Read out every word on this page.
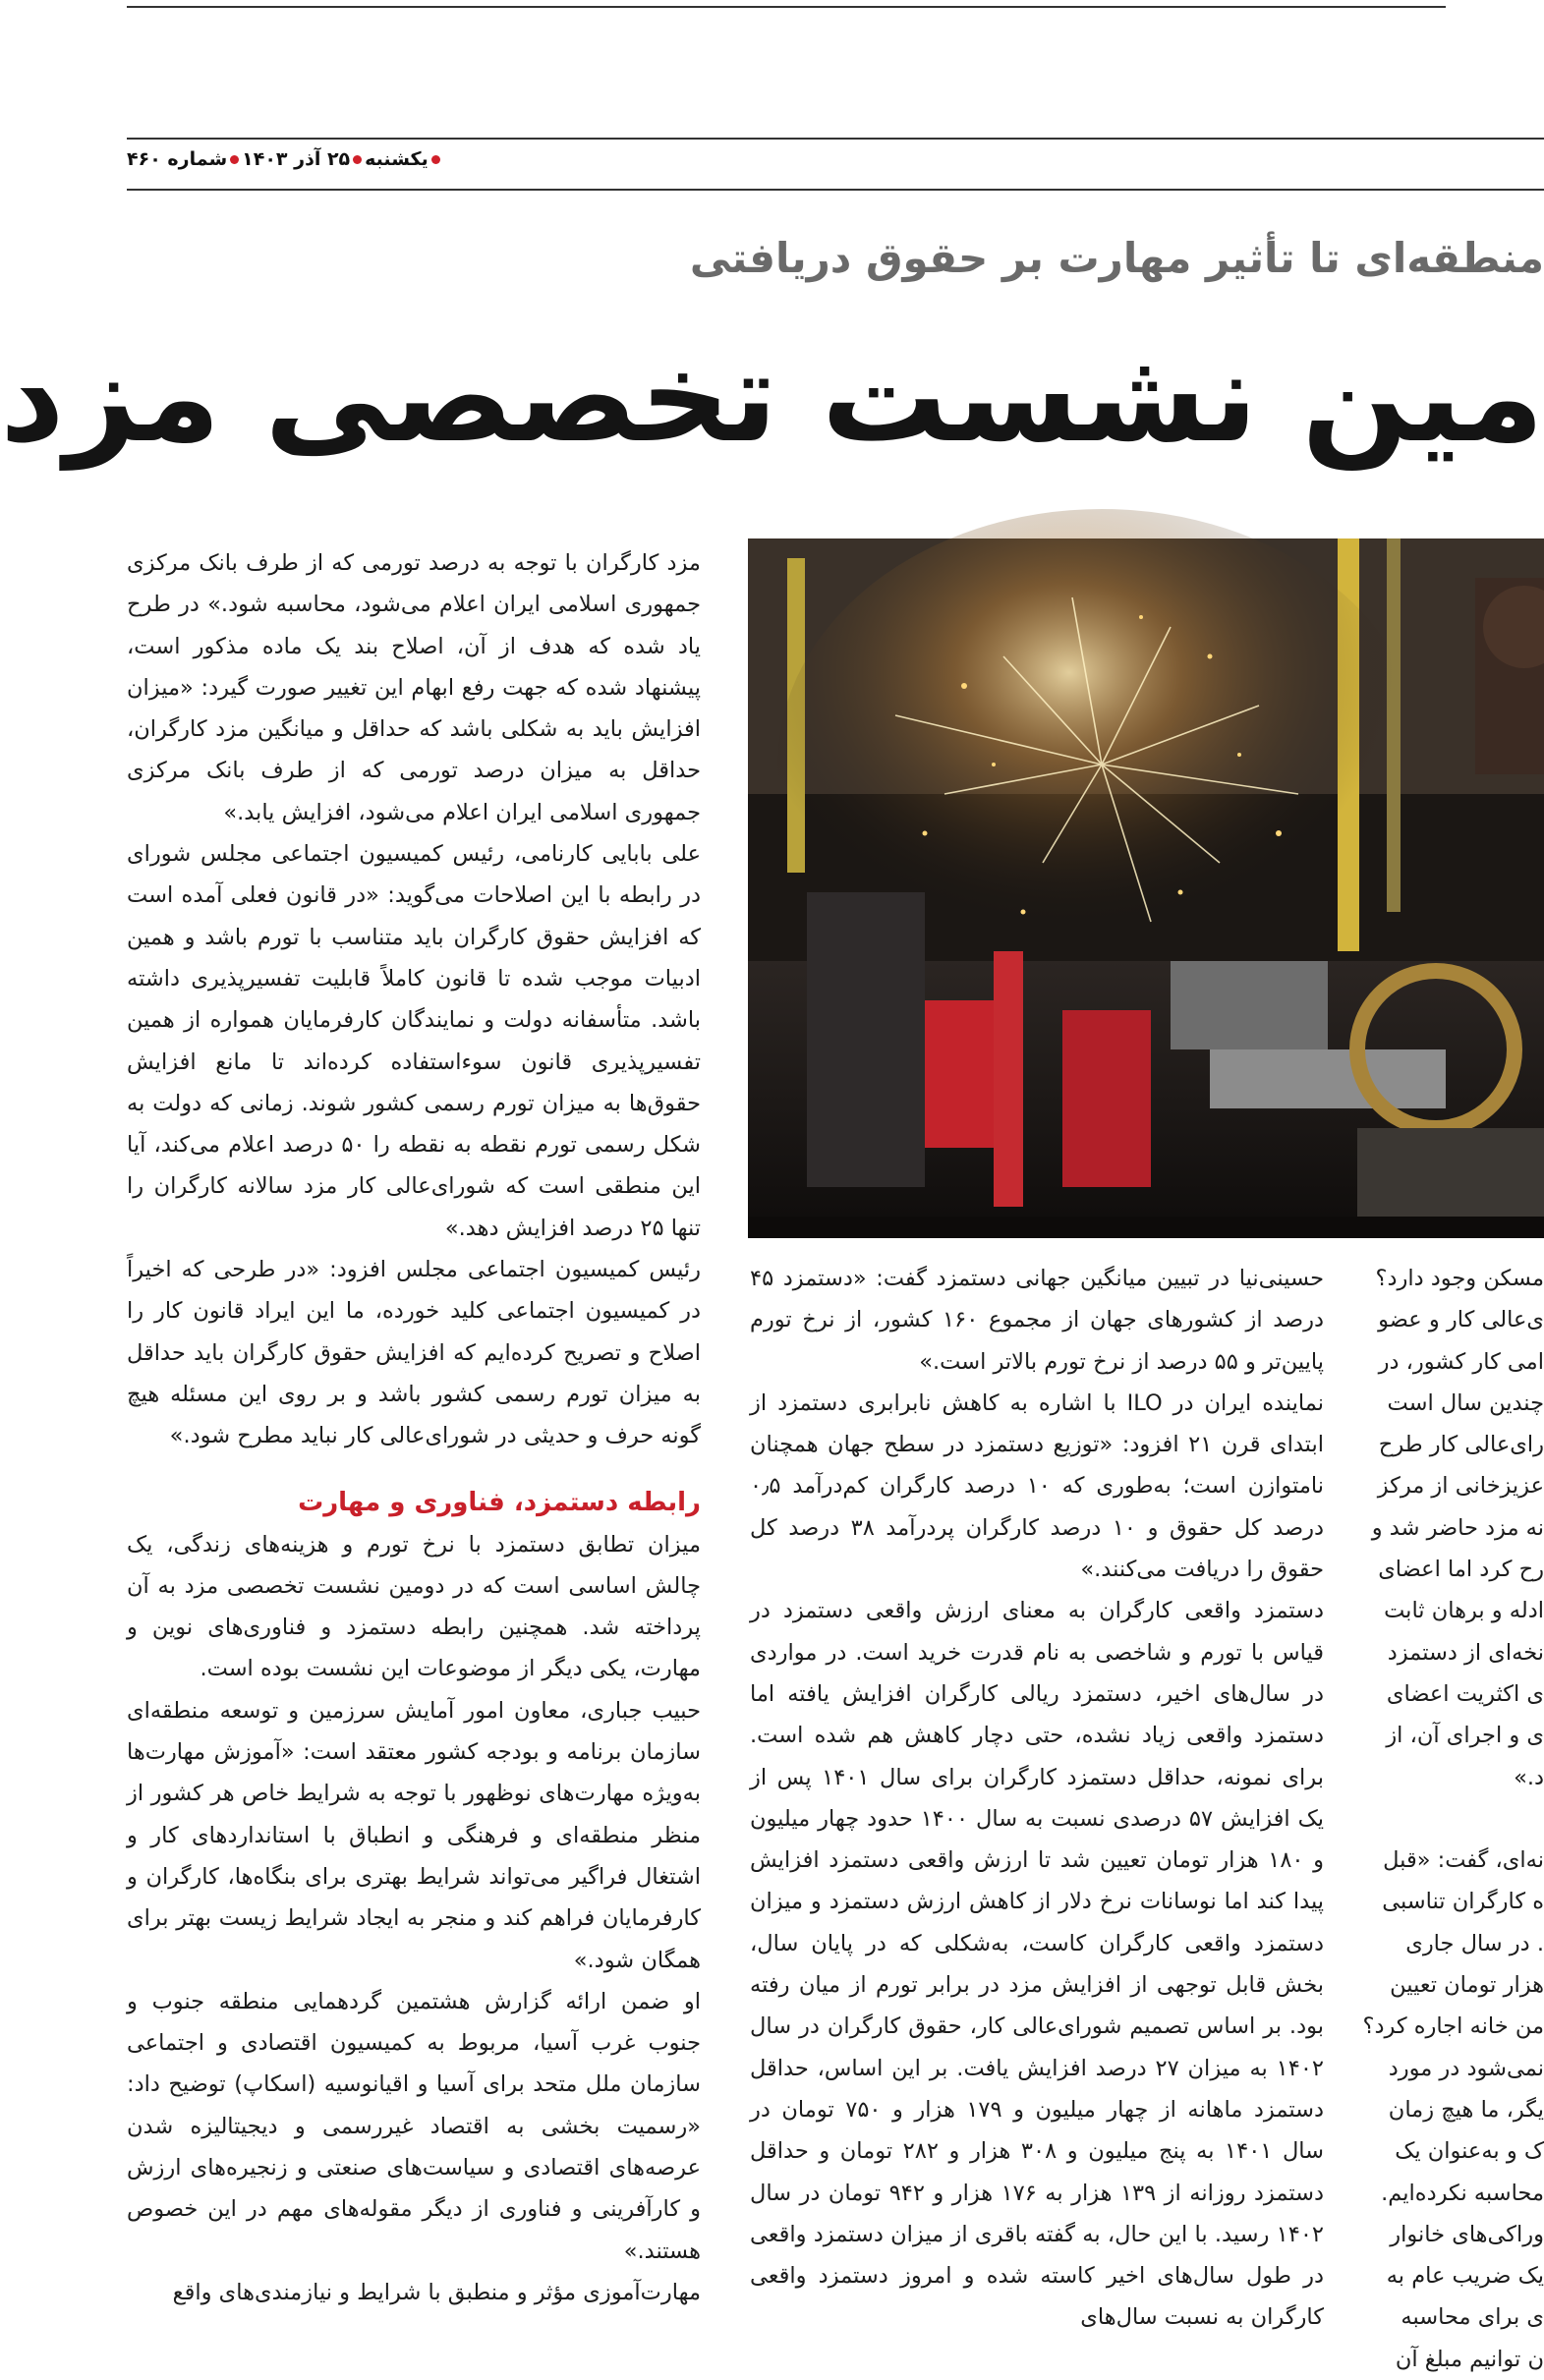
یکشنبه۲۵ آذر ۱۴۰۳شماره ۴۶۰
منطقه‌ای تا تأثیر مهارت بر حقوق دریافتی
مین نشست تخصصی مزد

مزد کارگران با توجه به درصد تورمی که از طرف بانک مرکزی جمهوری اسلامی ایران اعلام می‌شود، محاسبه شود.» در طرح یاد شده که هدف از آن، اصلاح بند یک ماده مذکور است، پیشنهاد شده که جهت رفع ابهام این تغییر صورت گیرد: «میزان افزایش باید به شکلی باشد که حداقل و میانگین مزد کارگران، حداقل به میزان درصد تورمی که از طرف بانک مرکزی جمهوری اسلامی ایران اعلام می‌شود، افزایش یابد.»

علی بابایی کارنامی، رئیس کمیسیون اجتماعی مجلس شورای در رابطه با این اصلاحات می‌گوید: «در قانون فعلی آمده است که افزایش حقوق کارگران باید متناسب با تورم باشد و همین ادبیات موجب شده تا قانون کاملاً قابلیت تفسیرپذیری داشته باشد. متأسفانه دولت و نمایندگان کارفرمایان همواره از همین تفسیرپذیری قانون سوءاستفاده کرده‌اند تا مانع افزایش حقوق‌ها به میزان تورم رسمی کشور شوند. زمانی که دولت به شکل رسمی تورم نقطه به نقطه را ۵۰ درصد اعلام می‌کند، آیا این منطقی است که شورای‌عالی کار مزد سالانه کارگران را تنها ۲۵ درصد افزایش دهد.»

رئیس کمیسیون اجتماعی مجلس افزود: «در طرحی که اخیراً در کمیسیون اجتماعی کلید خورده، ما این ایراد قانون کار را اصلاح و تصریح کرده‌ایم که افزایش حقوق کارگران باید حداقل به میزان تورم رسمی کشور باشد و بر روی این مسئله هیچ گونه حرف و حدیثی در شورای‌عالی کار نباید مطرح شود.»

رابطه دستمزد، فناوری و مهارت

میزان تطابق دستمزد با نرخ تورم و هزینه‌های زندگی، یک چالش اساسی است که در دومین نشست تخصصی مزد به آن پرداخته شد. همچنین رابطه دستمزد و فناوری‌های نوین و مهارت، یکی دیگر از موضوعات این نشست بوده است.

حبیب جباری، معاون امور آمایش سرزمین و توسعه منطقه‌ای سازمان برنامه و بودجه کشور معتقد است: «آموزش مهارت‌ها به‌ویژه مهارت‌های نوظهور با توجه به شرایط خاص هر کشور از منظر منطقه‌ای و فرهنگی و انطباق با استانداردهای کار و اشتغال فراگیر می‌تواند شرایط بهتری برای بنگاه‌ها، کارگران و کارفرمایان فراهم کند و منجر به ایجاد شرایط زیست بهتر برای همگان شود.»

او ضمن ارائه گزارش هشتمین گردهمایی منطقه جنوب و جنوب غرب آسیا، مربوط به کمیسیون اقتصادی و اجتماعی سازمان ملل متحد برای آسیا و اقیانوسیه (اسکاپ) توضیح داد: «رسمیت بخشی به اقتصاد غیررسمی و دیجیتالیزه شدن عرصه‌های اقتصادی و سیاست‌های صنعتی و زنجیره‌های ارزش و کارآفرینی و فناوری از دیگر مقوله‌های مهم در این خصوص هستند.»

مهارت‌آموزی مؤثر و منطبق با شرایط و نیازمندی‌های واقع

حسینی‌نیا در تبیین میانگین جهانی دستمزد گفت: «دستمزد ۴۵ درصد از کشورهای جهان از مجموع ۱۶۰ کشور، از نرخ تورم پایین‌تر و ۵۵ درصد از نرخ تورم بالاتر است.»

نماینده ایران در ILO با اشاره به کاهش نابرابری دستمزد از ابتدای قرن ۲۱ افزود: «توزیع دستمزد در سطح جهان همچنان نامتوازن است؛ به‌طوری که ۱۰ درصد کارگران کم‌درآمد ۰٫۵ درصد کل حقوق و ۱۰ درصد کارگران پردرآمد ۳۸ درصد کل حقوق را دریافت می‌کنند.»

دستمزد واقعی کارگران به معنای ارزش واقعی دستمزد در قیاس با تورم و شاخصی به نام قدرت خرید است. در مواردی در سال‌های اخیر، دستمزد ریالی کارگران افزایش یافته اما دستمزد واقعی زیاد نشده، حتی دچار کاهش هم شده است. برای نمونه، حداقل دستمزد کارگران برای سال ۱۴۰۱ پس از یک افزایش ۵۷ درصدی نسبت به سال ۱۴۰۰ حدود چهار میلیون و ۱۸۰ هزار تومان تعیین شد تا ارزش واقعی دستمزد افزایش پیدا کند اما نوسانات نرخ دلار از کاهش ارزش دستمزد و میزان دستمزد واقعی کارگران کاست، به‌شکلی که در پایان سال، بخش قابل توجهی از افزایش مزد در برابر تورم از میان رفته بود. بر اساس تصمیم شورای‌عالی کار، حقوق کارگران در سال ۱۴۰۲ به میزان ۲۷ درصد افزایش یافت. بر این اساس، حداقل دستمزد ماهانه از چهار میلیون و ۱۷۹ هزار و ۷۵۰ تومان در سال ۱۴۰۱ به پنج میلیون و ۳۰۸ هزار و ۲۸۲ تومان و حداقل دستمزد روزانه از ۱۳۹ هزار به ۱۷۶ هزار و ۹۴۲ تومان در سال ۱۴۰۲ رسید. با این حال، به گفته باقری از میزان دستمزد واقعی در طول سال‌های اخیر کاسته شده و امروز دستمزد واقعی کارگران به نسبت سال‌های

مسکن وجود دارد؟
ی‌عالی کار و عضو
امی کار کشور، در
چندین سال است
رای‌عالی کار طرح
عزیزخانی از مرکز
نه مزد حاضر شد و
رح کرد اما اعضای
ادله و برهان ثابت
نخه‌ای از دستمزد
ی اکثریت اعضای
ی و اجرای آن، از
د.»
نه‌ای، گفت: «قبل
ه کارگران تناسبی
. در سال جاری
هزار تومان تعیین
من خانه اجاره کرد؟
نمی‌شود در مورد
یگر، ما هیچ زمان
ک و به‌عنوان یک
محاسبه نکرده‌ایم.
وراکی‌های خانوار
یک ضریب عام به
ی برای محاسبه
ن توانیم مبلغ آن
